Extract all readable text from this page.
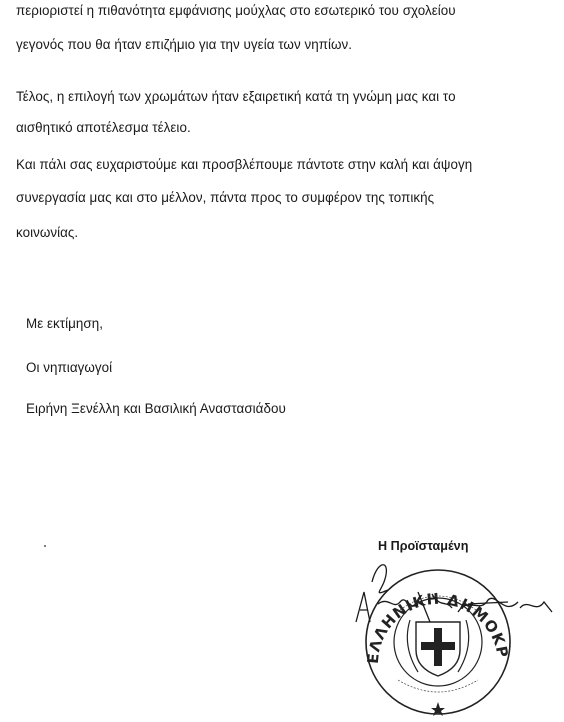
περιοριστεί η πιθανότητα εμφάνισης μούχλας στο εσωτερικό του σχολείου
γεγονός που θα ήταν επιζήμιο για την υγεία των νηπίων.
Τέλος, η επιλογή των χρωμάτων ήταν εξαιρετική κατά τη γνώμη μας και το
αισθητικό αποτέλεσμα τέλειο.
Και πάλι σας ευχαριστούμε και προσβλέπουμε πάντοτε στην καλή και άψογη
συνεργασία μας και στο μέλλον, πάντα προς το συμφέρον της τοπικής
κοινωνίας.
Με εκτίμηση,
Οι νηπιαγωγοί
Ειρήνη Ξενέλλη και Βασιλική Αναστασιάδου
Η Προϊσταμένη
ΕΛΛΗΝΙΚΗ ΔΗΜΟΚΡ
